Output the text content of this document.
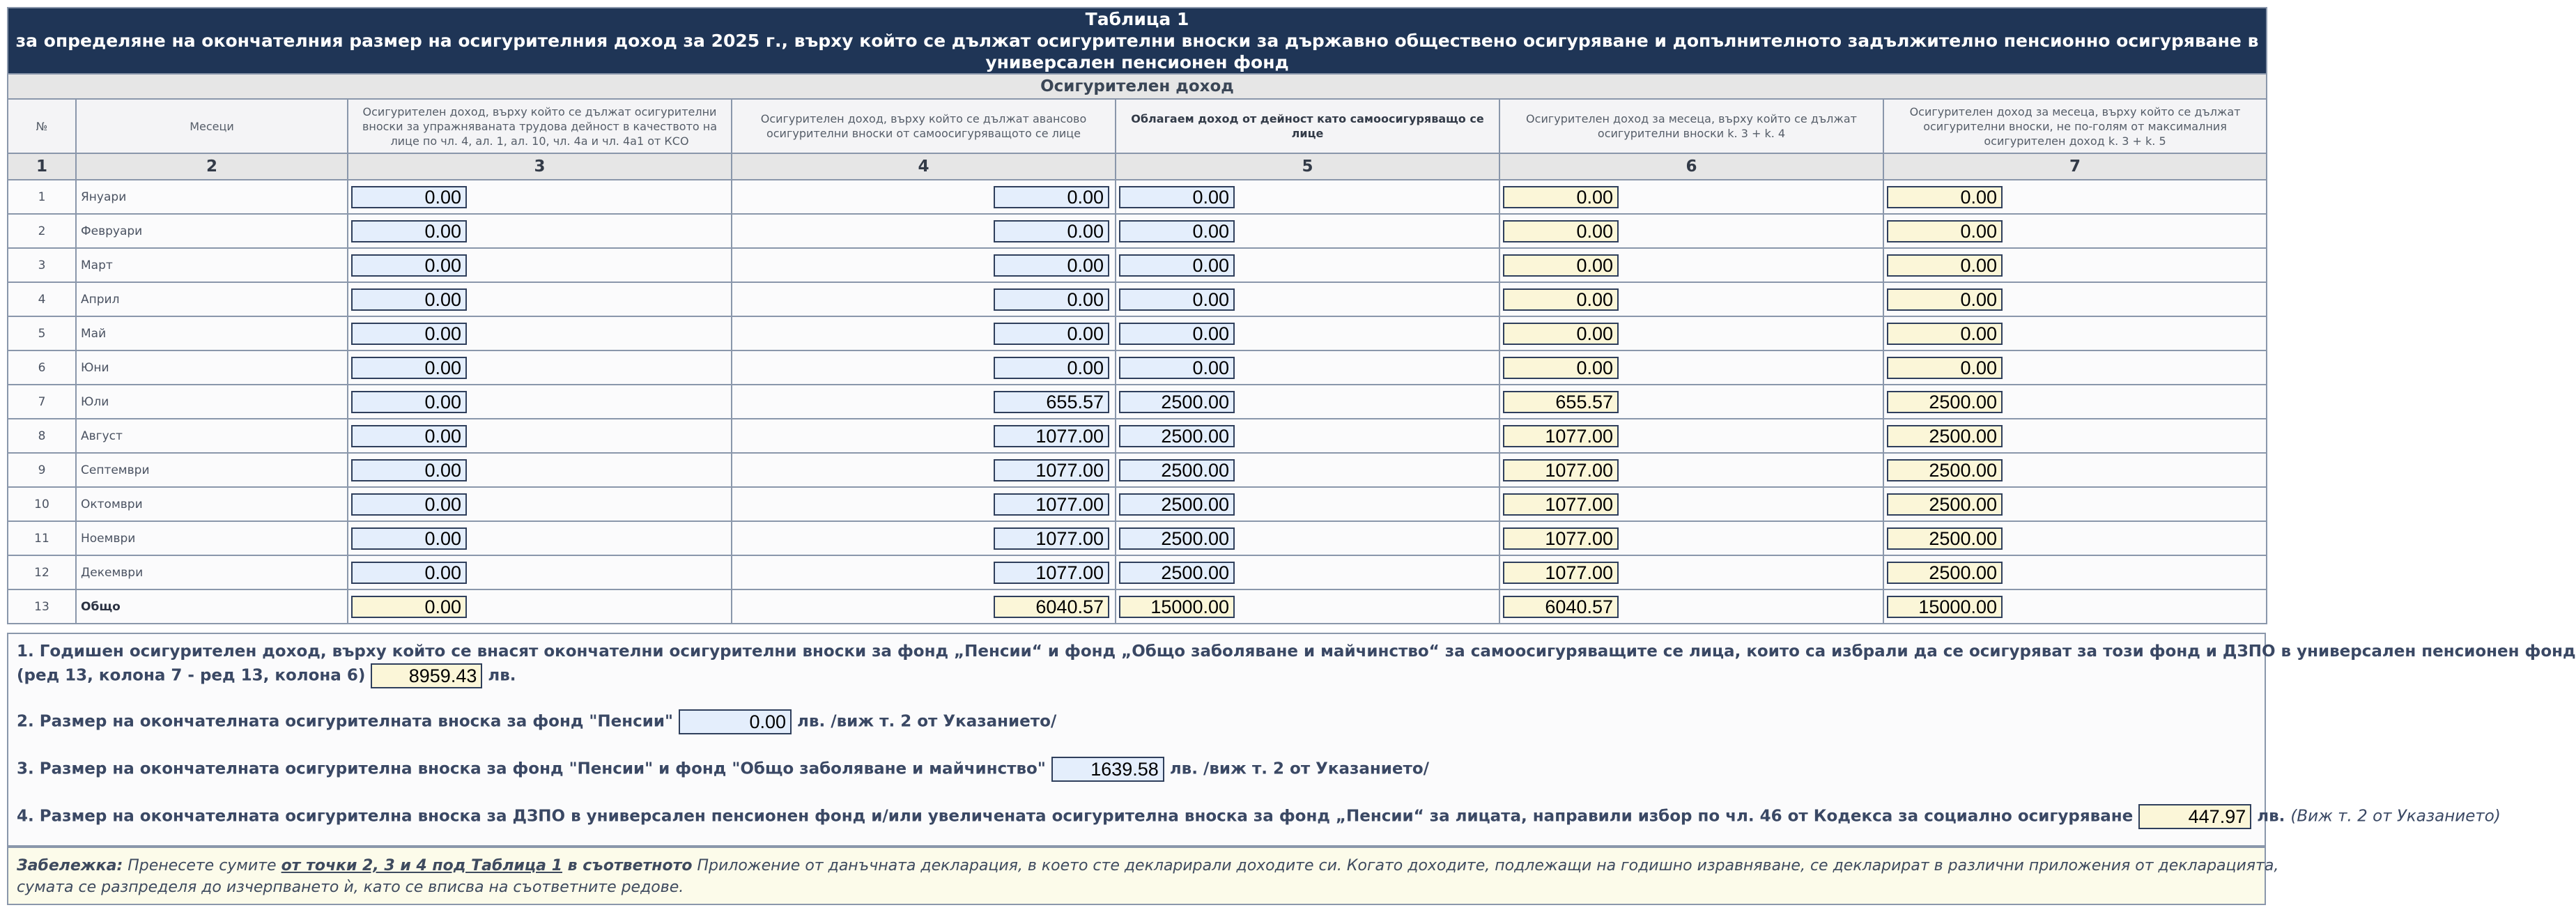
Таблица 1
за определяне на окончателния размер на осигурителния доход за 2025 г., върху който се дължат осигурителни вноски за държавно обществено осигуряване и допълнителното задължително пенсионно осигуряване в универсален пенсионен фонд						

Осигурителен доход						
№	Месеци	Осигурителен доход, върху който се дължат осигурителни вноски за упражняваната трудова дейност в качеството на лице по чл. 4, ал. 1, ал. 10, чл. 4а и чл. 4а1 от КСО	Осигурителен доход, върху който се дължат авансово осигурителни вноски от самоосигуряващото се лице	Облагаем доход от дейност като самоосигуряващо се лице	Осигурителен доход за месеца, върху който се дължат осигурителни вноски k. 3 + k. 4	Осигурителен доход за месеца, върху който се дължат осигурителни вноски, не по-голям от максималния осигурителен доход k. 3 + k. 5
1	2	3	4	5	6	7
1	Януари	0.00	0.00	0.00	0.00	0.00

2	Февруари	0.00	0.00	0.00	0.00	0.00

3	Март	0.00	0.00	0.00	0.00	0.00

4	Април	0.00	0.00	0.00	0.00	0.00

5	Май	0.00	0.00	0.00	0.00	0.00

6	Юни	0.00	0.00	0.00	0.00	0.00

7	Юли	0.00	655.57	2500.00	655.57	2500.00

8	Август	0.00	1077.00	2500.00	1077.00	2500.00

9	Септември	0.00	1077.00	2500.00	1077.00	2500.00

10	Октомври	0.00	1077.00	2500.00	1077.00	2500.00

11	Ноември	0.00	1077.00	2500.00	1077.00	2500.00

12	Декември	0.00	1077.00	2500.00	1077.00	2500.00

13	Общо	0.00	6040.57	15000.00	6040.57	15000.00
1. Годишен осигурителен доход, върху който се внасят окончателни осигурителни вноски за фонд „Пенсии“ и фонд „Общо заболяване и майчинство“ за самоосигуряващите се лица, които са избрали да се осигуряват за този фонд и ДЗПО в универсален пенсионен фонд
(ред 13, колона 7 - ред 13, колона 6) 8959.43 лв.
2. Размер на окончателната осигурителнатa вноска за фонд "Пенсии"	0.00 лв. /виж т. 2 от Указанието/
3. Размер на окончателната осигурителна вноска за фонд "Пенсии" и фонд "Общо заболяване и майчинство" 1639.58 лв. /виж т. 2 от Указанието/
4. Размер на окончателната осигурителна вноска за ДЗПО в универсален пенсионен фонд и/или увеличената осигурителна вноска за фонд „Пенсии“ за лицата, направили избор по чл. 46 от Кодекса за социално осигуряване	447.97 лв. (Виж т. 2 от Указанието)
Забележка: Пренесете сумите от точки 2, 3 и 4 под Таблица 1 в съответното Приложение от данъчната декларация, в което сте декларирали доходите си. Когато доходите, подлежащи на годишно изравняване, се декларират в различни приложения от декларацията,
сумата се разпределя до изчерпването ѝ, като се вписва на съответните редове.
